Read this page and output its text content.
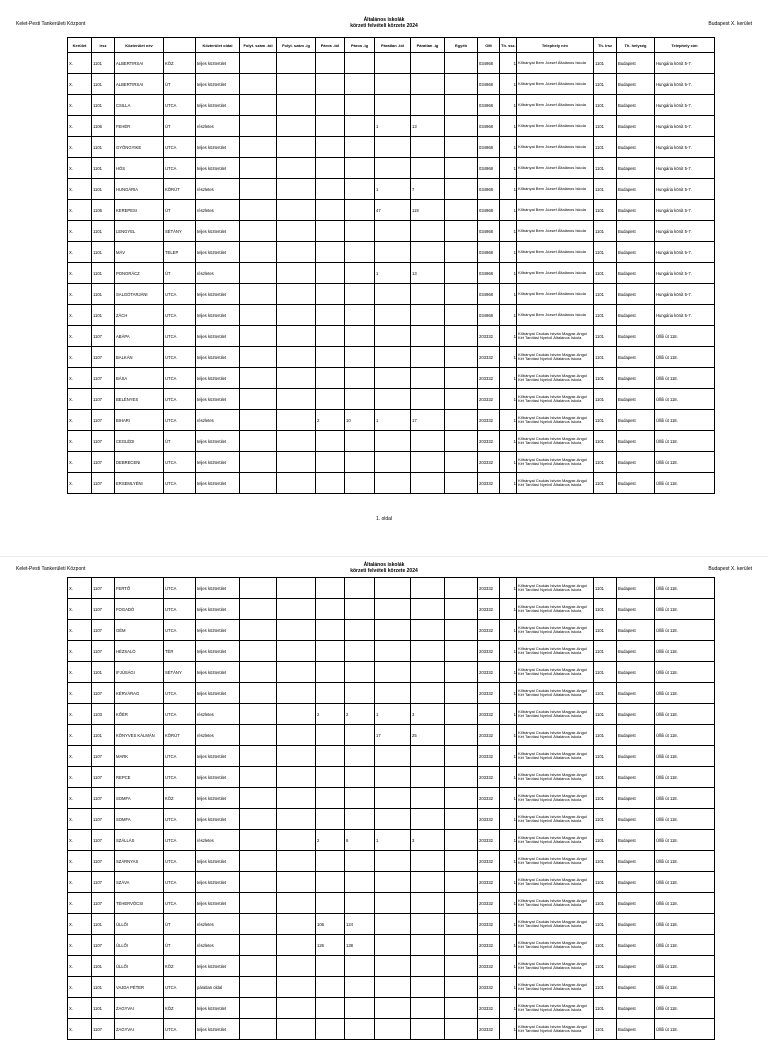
Kelet-Pesti Tankerületi Központ
Általános iskolák
körzeti felvételi körzete 2024	Budapest X. kerület
Kerület	Irsz	Közterület név		Közterület oldal	Folyt. szám -tól	Folyt. szám -ig	Páros -tól	Páros -ig	Páratlan -tól	Páratlan -ig	Egyéb	OM	Th. ssz.	Telephely név	Th. Irsz	Th. helység	Telephely cím
X.	1101	ALBERTIRSAI	KÖZ	teljes közterület								034968	1	Kőbányai Bem József Általános Iskola	1101	Budapest	Hungária körút 5-7.
X.	1101	ALBERTIRSAI	ÚT	teljes közterület								034968	1	Kőbányai Bem József Általános Iskola	1101	Budapest	Hungária körút 5-7.
X.	1101	CSILLA	UTCA	teljes közterület								034968	1	Kőbányai Bem József Általános Iskola	1101	Budapest	Hungária körút 5-7.
X.	1106	FEHÉR	ÚT	részletes					1	13		034968	1	Kőbányai Bem József Általános Iskola	1101	Budapest	Hungária körút 5-7.
X.	1101	GYÖNGYIKE	UTCA	teljes közterület								034968	1	Kőbányai Bem József Általános Iskola	1101	Budapest	Hungária körút 5-7.
X.	1101	HÓS	UTCA	teljes közterület								034968	1	Kőbányai Bem József Általános Iskola	1101	Budapest	Hungária körút 5-7.
X.	1101	HUNGÁRIA	KÖRÚT	részletes					1	7		034968	1	Kőbányai Bem József Általános Iskola	1101	Budapest	Hungária körút 5-7.
X.	1106	KEREPESI	ÚT	részletes					47	119		034968	1	Kőbányai Bem József Általános Iskola	1101	Budapest	Hungária körút 5-7.
X.	1101	LENGYEL	SÉTÁNY	teljes közterület								034968	1	Kőbányai Bem József Általános Iskola	1101	Budapest	Hungária körút 5-7.
X.	1101	MÁV	TELEP	teljes közterület								034968	1	Kőbányai Bem József Általános Iskola	1101	Budapest	Hungária körút 5-7.
X.	1101	PONGRÁCZ	ÚT	részletes					1	13		034968	1	Kőbányai Bem József Általános Iskola	1101	Budapest	Hungária körút 5-7.
X.	1101	SALGÓTARJÁNI	UTCA	teljes közterület								034968	1	Kőbányai Bem József Általános Iskola	1101	Budapest	Hungária körút 5-7.
X.	1101	ZÁCH	UTCA	teljes közterület								034968	1	Kőbányai Bem József Általános Iskola	1101	Budapest	Hungária körút 5-7.
X.	1107	ABÁPA	UTCA	teljes közterület								203332	1	Kőbányai Csukás István Magyar-Angol Két Tanítási Nyelvű Általános Iskola	1101	Budapest	Üllői út 118.
X.	1107	BALKÁN	UTCA	teljes közterület								203332	1	Kőbányai Csukás István Magyar-Angol Két Tanítási Nyelvű Általános Iskola	1101	Budapest	Üllői út 118.
X.	1107	BÁSA	UTCA	teljes közterület								203332	1	Kőbányai Csukás István Magyar-Angol Két Tanítási Nyelvű Általános Iskola	1101	Budapest	Üllői út 118.
X.	1107	BELÉNYES	UTCA	teljes közterület								203332	1	Kőbányai Csukás István Magyar-Angol Két Tanítási Nyelvű Általános Iskola	1101	Budapest	Üllői út 118.
X.	1107	BIHARI	UTCA	részletes			2	10	1	17		203332	1	Kőbányai Csukás István Magyar-Angol Két Tanítási Nyelvű Általános Iskola	1101	Budapest	Üllői út 118.
X.	1107	CEGLÉDI	ÚT	teljes közterület								203332	1	Kőbányai Csukás István Magyar-Angol Két Tanítási Nyelvű Általános Iskola	1101	Budapest	Üllői út 118.
X.	1107	DEBRECENI	UTCA	teljes közterület								203332	1	Kőbányai Csukás István Magyar-Angol Két Tanítási Nyelvű Általános Iskola	1101	Budapest	Üllői út 118.
X.	1107	ERSEMLYÉNI	UTCA	teljes közterület								203332	1	Kőbányai Csukás István Magyar-Angol Két Tanítási Nyelvű Általános Iskola	1101	Budapest	Üllői út 118.
1. oldal
Kelet-Pesti Tankerületi Központ
Általános iskolák
körzeti felvételi körzete 2024	Budapest X. kerület
X.	1107	FERTŐ	UTCA	teljes közterület								203332	1	Kőbányai Csukás István Magyar-Angol Két Tanítási Nyelvű Általános Iskola	1101	Budapest	Üllői út 118.
X.	1107	FOGADÓ	UTCA	teljes közterület								203332	1	Kőbányai Csukás István Magyar-Angol Két Tanítási Nyelvű Általános Iskola	1101	Budapest	Üllői út 118.
X.	1107	GÉM	UTCA	teljes közterület								203332	1	Kőbányai Csukás István Magyar-Angol Két Tanítási Nyelvű Általános Iskola	1101	Budapest	Üllői út 118.
X.	1107	HÉZSALÓ	TÉR	teljes közterület								203332	1	Kőbányai Csukás István Magyar-Angol Két Tanítási Nyelvű Általános Iskola	1101	Budapest	Üllői út 118.
X.	1101	IFJÚSÁGI	SÉTÁNY	teljes közterület								203332	1	Kőbányai Csukás István Magyar-Angol Két Tanítási Nyelvű Általános Iskola	1101	Budapest	Üllői út 118.
X.	1107	KÉRVÁRAG	UTCA	teljes közterület								203332	1	Kőbányai Csukás István Magyar-Angol Két Tanítási Nyelvű Általános Iskola	1101	Budapest	Üllői út 118.
X.	1103	KŐÉR	UTCA	részletes			2	2	1	3		203332	1	Kőbányai Csukás István Magyar-Angol Két Tanítási Nyelvű Általános Iskola	1101	Budapest	Üllői út 118.
X.	1101	KÖNYVES KÁLMÁN	KÖRÚT	részletes					17	25		203332	1	Kőbányai Csukás István Magyar-Angol Két Tanítási Nyelvű Általános Iskola	1101	Budapest	Üllői út 118.
X.	1107	MARK	UTCA	teljes közterület								203332	1	Kőbányai Csukás István Magyar-Angol Két Tanítási Nyelvű Általános Iskola	1101	Budapest	Üllői út 118.
X.	1107	REPCE	UTCA	teljes közterület								203332	1	Kőbányai Csukás István Magyar-Angol Két Tanítási Nyelvű Általános Iskola	1101	Budapest	Üllői út 118.
X.	1107	SOMFA	KÖZ	teljes közterület								203332	1	Kőbányai Csukás István Magyar-Angol Két Tanítási Nyelvű Általános Iskola	1101	Budapest	Üllői út 118.
X.	1107	SOMFA	UTCA	teljes közterület								203332	1	Kőbányai Csukás István Magyar-Angol Két Tanítási Nyelvű Általános Iskola	1101	Budapest	Üllői út 118.
X.	1107	SZÁLLÁS	UTCA	részletes			2	6	1	3		203332	1	Kőbányai Csukás István Magyar-Angol Két Tanítási Nyelvű Általános Iskola	1101	Budapest	Üllői út 118.
X.	1107	SZÁRNYAS	UTCA	teljes közterület								203332	1	Kőbányai Csukás István Magyar-Angol Két Tanítási Nyelvű Általános Iskola	1101	Budapest	Üllői út 118.
X.	1107	SZÁVA	UTCA	teljes közterület								203332	1	Kőbányai Csukás István Magyar-Angol Két Tanítási Nyelvű Általános Iskola	1101	Budapest	Üllői út 118.
X.	1107	TÉHERVÖCSI	UTCA	teljes közterület								203332	1	Kőbányai Csukás István Magyar-Angol Két Tanítási Nyelvű Általános Iskola	1101	Budapest	Üllői út 118.
X.	1101	ÜLLŐI	ÚT	részletes			106	124				203332	1	Kőbányai Csukás István Magyar-Angol Két Tanítási Nyelvű Általános Iskola	1101	Budapest	Üllői út 118.
X.	1107	ÜLLŐI	ÚT	részletes			126	138				203332	1	Kőbányai Csukás István Magyar-Angol Két Tanítási Nyelvű Általános Iskola	1101	Budapest	Üllői út 118.
X.	1101	ÜLLŐI	KÖZ	teljes közterület								203332	1	Kőbányai Csukás István Magyar-Angol Két Tanítási Nyelvű Általános Iskola	1101	Budapest	Üllői út 118.
X.	1101	VAJDA PÉTER	UTCA	páratlan oldal								203332	1	Kőbányai Csukás István Magyar-Angol Két Tanítási Nyelvű Általános Iskola	1101	Budapest	Üllői út 118.
X.	1101	ZAGYVAI	KÖZ	teljes közterület								203332	1	Kőbányai Csukás István Magyar-Angol Két Tanítási Nyelvű Általános Iskola	1101	Budapest	Üllői út 118.
X.	1107	ZAGYVAI	UTCA	teljes közterület								203332	1	Kőbányai Csukás István Magyar-Angol Két Tanítási Nyelvű Általános Iskola	1101	Budapest	Üllői út 118.
